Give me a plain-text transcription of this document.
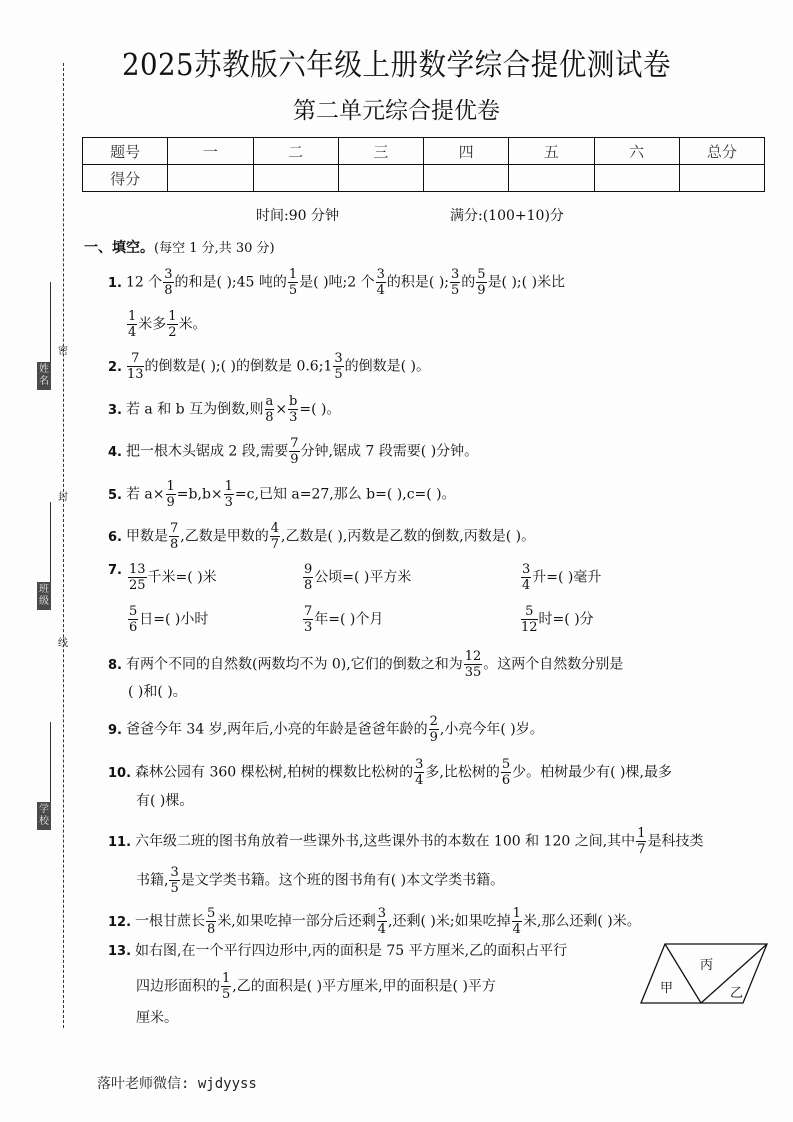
密
封
线
姓名
班级
学校
2025苏教版六年级上册数学综合提优测试卷
第二单元综合提优卷
题号	一	二	三	四	五	六	总分
得分							
时间:90 分钟	满分:(100+10)分
一、填空。(每空 1 分,共 30 分)
1. 12 个 $\frac{3}{8}$ 的和是( );45 吨的 $\frac{1}{5}$ 是( )吨;2 个 $\frac{3}{4}$ 的积是( ); $\frac{3}{5}$ 的 $\frac{5}{9}$ 是( );( )米比
$\frac{1}{4}$ 米多 $\frac{1}{2}$ 米。
2. $\frac{7}{13}$ 的倒数是( );( )的倒数是 0.6;1 $\frac{3}{5}$ 的倒数是( )。
3. 若 a 和 b 互为倒数,则 $\frac{a}{8} \times \frac{b}{3}$ =( )。
4. 把一根木头锯成 2 段,需要 $\frac{7}{9}$ 分钟,锯成 7 段需要( )分钟。
5. 若 $a\times \frac{1}{9} =b,b\times \frac{1}{3} =c$,已知 a=27,那么 b=( ),c=( )。
6. 甲数是 $\frac{7}{8}$ ,乙数是甲数的 $\frac{4}{7}$ ,乙数是( ),丙数是乙数的倒数,丙数是( )。
7. $\frac{13}{25}$ 千米=( )米	$\frac{9}{8}$ 公顷=( )平方米	$\frac{3}{4}$ 升=( )毫升
$\frac{5}{6}$ 日=( )小时	$\frac{7}{3}$ 年=( )个月	$\frac{5}{12}$ 时=( )分
8. 有两个不同的自然数(两数均不为 0),它们的倒数之和为 $\frac{12}{35}$ 。这两个自然数分别是
( )和( )。
9. 爸爸今年 34 岁,两年后,小亮的年龄是爸爸年龄的 $\frac{2}{9}$ ,小亮今年( )岁。
10. 森林公园有 360 棵松树,柏树的棵数比松树的 $\frac{3}{4}$ 多,比松树的 $\frac{5}{6}$ 少。柏树最少有( )棵,最多
有( )棵。
11. 六年级二班的图书角放着一些课外书,这些课外书的本数在 100 和 120 之间,其中 $\frac{1}{7}$ 是科技类
书籍, $\frac{3}{5}$ 是文学类书籍。这个班的图书角有( )本文学类书籍。
12. 一根甘蔗长 $\frac{5}{8}$ 米,如果吃掉一部分后还剩 $\frac{3}{4}$ ,还剩( )米;如果吃掉 $\frac{1}{4}$ 米,那么还剩( )米。
13. 如右图,在一个平行四边形中,丙的面积是 75 平方厘米,乙的面积占平行
四边形面积的 $\frac{1}{5}$ ,乙的面积是( )平方厘米,甲的面积是( )平方
厘米。
甲
丙
乙
落叶老师微信: wjdyyss
